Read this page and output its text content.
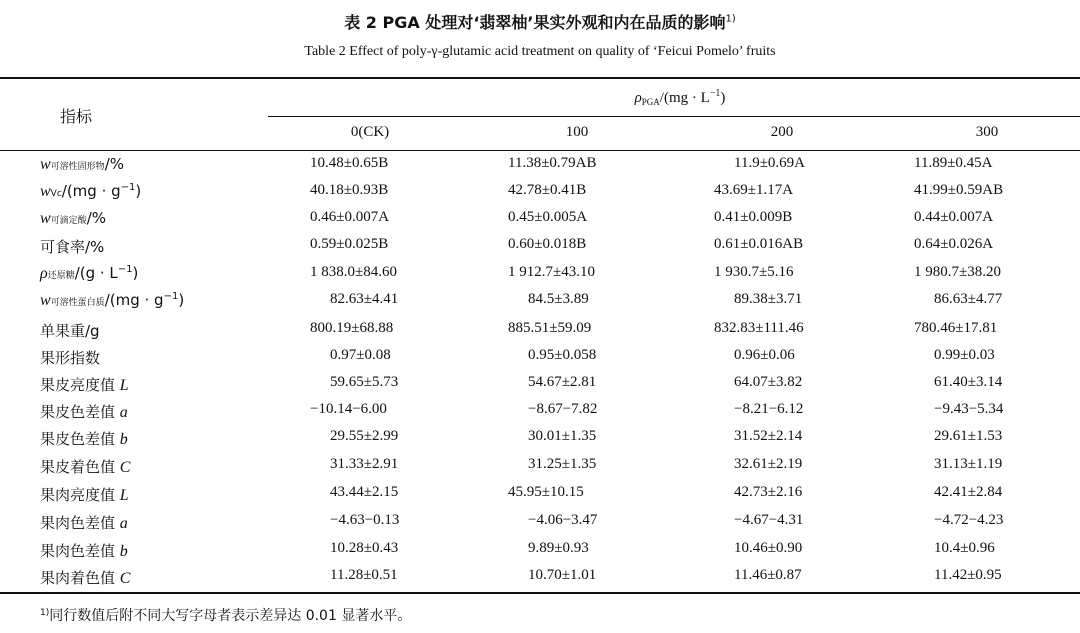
表 2 PGA 处理对‘翡翠柚’果实外观和内在品质的影响$^{1)}$
Table 2 Effect of poly-γ-glutamic acid treatment on quality of ‘Feicui Pomelo’ fruits
指标
$\rho_{PGA}/(mg \cdot L^{-1})$
0(CK)	100	200	300
w可溶性固形物/%	10.48±0.65B	11.38±0.79AB	11.9±0.69A	11.89±0.45A
$wVc/(mg \cdot g^{-1})$	40.18±0.93B	42.78±0.41B	43.69±1.17A	41.99±0.59AB
w可滴定酸/%	0.46±0.007A	0.45±0.005A	0.41±0.009B	0.44±0.007A
可食率/%	0.59±0.025B	0.60±0.018B	0.61±0.016AB	0.64±0.026A
ρ还原糖$/(g \cdot L^{-1})$	1 838.0±84.60	1 912.7±43.10	1 930.7±5.16	1 980.7±38.20
w可溶性蛋白质$/(mg \cdot g^{-1})$	82.63±4.41	84.5±3.89	89.38±3.71	86.63±4.77
单果重/g	800.19±68.88	885.51±59.09	832.83±111.46	780.46±17.81
果形指数	0.97±0.08	0.95±0.058	0.96±0.06	0.99±0.03
果皮亮度值 L	59.65±5.73	54.67±2.81	64.07±3.82	61.40±3.14
果皮色差值 a	−10.14−6.00	−8.67−7.82	−8.21−6.12	−9.43−5.34
果皮色差值 b	29.55±2.99	30.01±1.35	31.52±2.14	29.61±1.53
果皮着色值 C	31.33±2.91	31.25±1.35	32.61±2.19	31.13±1.19
果肉亮度值 L	43.44±2.15	45.95±10.15	42.73±2.16	42.41±2.84
果肉色差值 a	−4.63−0.13	−4.06−3.47	−4.67−4.31	−4.72−4.23
果肉色差值 b	10.28±0.43	9.89±0.93	10.46±0.90	10.4±0.96
果肉着色值 C	11.28±0.51	10.70±1.01	11.46±0.87	11.42±0.95
$^{1)}$同行数值后附不同大写字母者表示差异达 0.01 显著水平。
